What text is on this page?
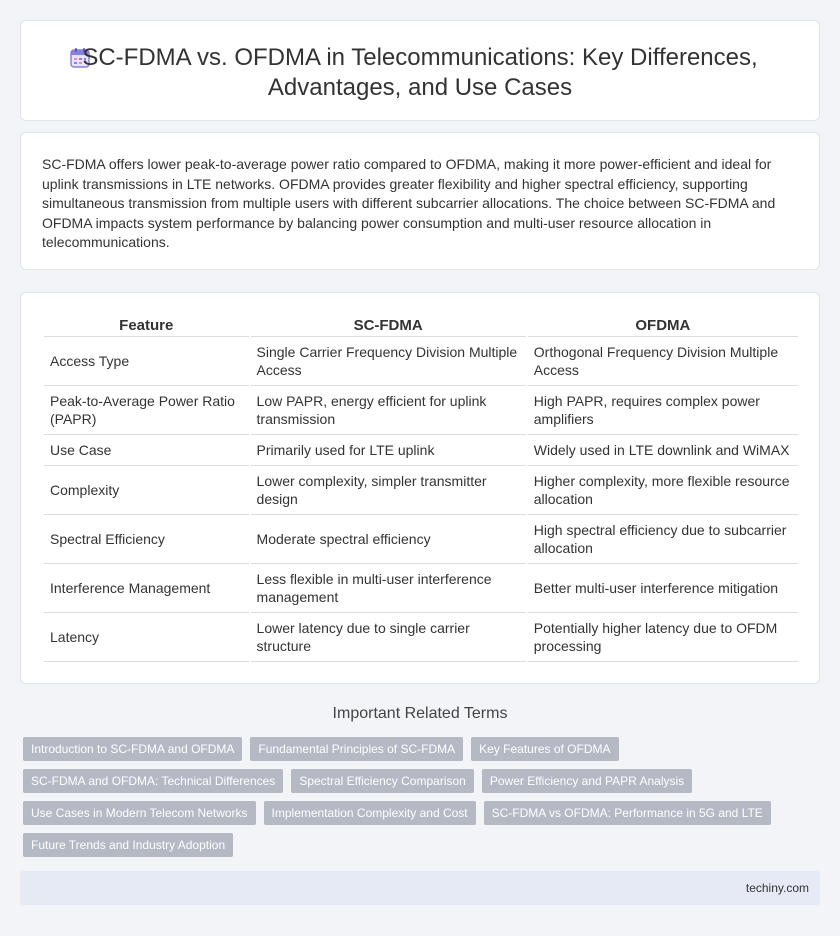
SC-FDMA vs. OFDMA in Telecommunications: Key Differences, Advantages, and Use Cases

SC-FDMA offers lower peak-to-average power ratio compared to OFDMA, making it more power-efficient and ideal for uplink transmissions in LTE networks. OFDMA provides greater flexibility and higher spectral efficiency, supporting simultaneous transmission from multiple users with different subcarrier allocations. The choice between SC-FDMA and OFDMA impacts system performance by balancing power consumption and multi-user resource allocation in telecommunications.

Feature	SC-FDMA	OFDMA
Access Type	Single Carrier Frequency Division Multiple Access	Orthogonal Frequency Division Multiple Access
Peak-to-Average Power Ratio (PAPR)	Low PAPR, energy efficient for uplink transmission	High PAPR, requires complex power amplifiers
Use Case	Primarily used for LTE uplink	Widely used in LTE downlink and WiMAX
Complexity	Lower complexity, simpler transmitter design	Higher complexity, more flexible resource allocation
Spectral Efficiency	Moderate spectral efficiency	High spectral efficiency due to subcarrier allocation
Interference Management	Less flexible in multi-user interference management	Better multi-user interference mitigation
Latency	Lower latency due to single carrier structure	Potentially higher latency due to OFDM processing
Important Related Terms
Introduction to SC-FDMA and OFDMA	Fundamental Principles of SC-FDMA	Key Features of OFDMA
SC-FDMA and OFDMA: Technical Differences	Spectral Efficiency Comparison	Power Efficiency and PAPR Analysis
Use Cases in Modern Telecom Networks	Implementation Complexity and Cost	SC-FDMA vs OFDMA: Performance in 5G and LTE
Future Trends and Industry Adoption
techiny.com
